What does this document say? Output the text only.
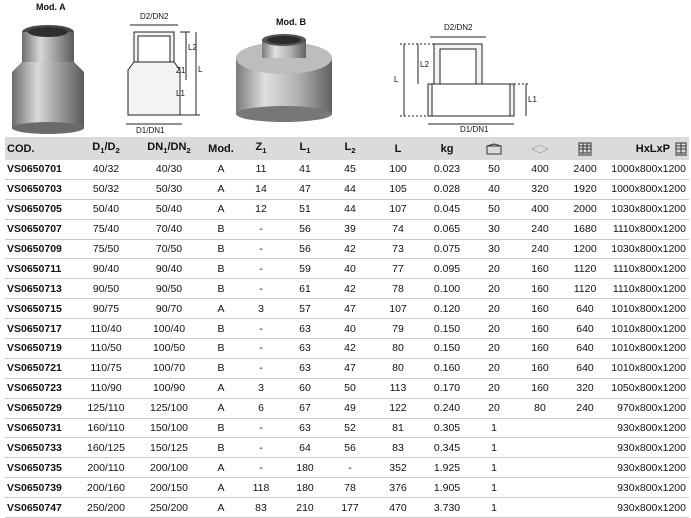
Mod. A
Mod. B
D2/DN2
D1/DN1
L2
Z1 L
L1
D2/DN2
D1/DN1
L2
L
L1
COD.	$D_1/D_2$	$DN_1/DN_2$	Mod.	$Z_1$	$L_1$	$L_2$	L	kg				HxLxP	
VS0650701	40/32	40/30	A	11	41	45	100	0.023	50	400	2400	1000x800x1200	
VS0650703	50/32	50/30	A	14	47	44	105	0.028	40	320	1920	1000x800x1200	
VS0650705	50/40	50/40	A	12	51	44	107	0.045	50	400	2000	1030x800x1200	
VS0650707	75/40	70/40	B	-	56	39	74	0.065	30	240	1680	1110x800x1200	
VS0650709	75/50	70/50	B	-	56	42	73	0.075	30	240	1200	1030x800x1200	
VS0650711	90/40	90/40	B	-	59	40	77	0.095	20	160	1120	1110x800x1200	
VS0650713	90/50	90/50	B	-	61	42	78	0.100	20	160	1120	1110x800x1200	
VS0650715	90/75	90/70	A	3	57	47	107	0.120	20	160	640	1010x800x1200	
VS0650717	110/40	100/40	B	-	63	40	79	0.150	20	160	640	1010x800x1200	
VS0650719	110/50	100/50	B	-	63	42	80	0.150	20	160	640	1010x800x1200	
VS0650721	110/75	100/70	B	-	63	47	80	0.160	20	160	640	1010x800x1200	
VS0650723	110/90	100/90	A	3	60	50	113	0.170	20	160	320	1050x800x1200	
VS0650729	125/110	125/100	A	6	67	49	122	0.240	20	80	240	970x800x1200	
VS0650731	160/110	150/100	B	-	63	52	81	0.305	1			930x800x1200	
VS0650733	160/125	150/125	B	-	64	56	83	0.345	1			930x800x1200	
VS0650735	200/110	200/100	A	-	180	-	352	1.925	1			930x800x1200	
VS0650739	200/160	200/150	A	118	180	78	376	1.905	1			930x800x1200	
VS0650747	250/200	250/200	A	83	210	177	470	3.730	1			930x800x1200	
